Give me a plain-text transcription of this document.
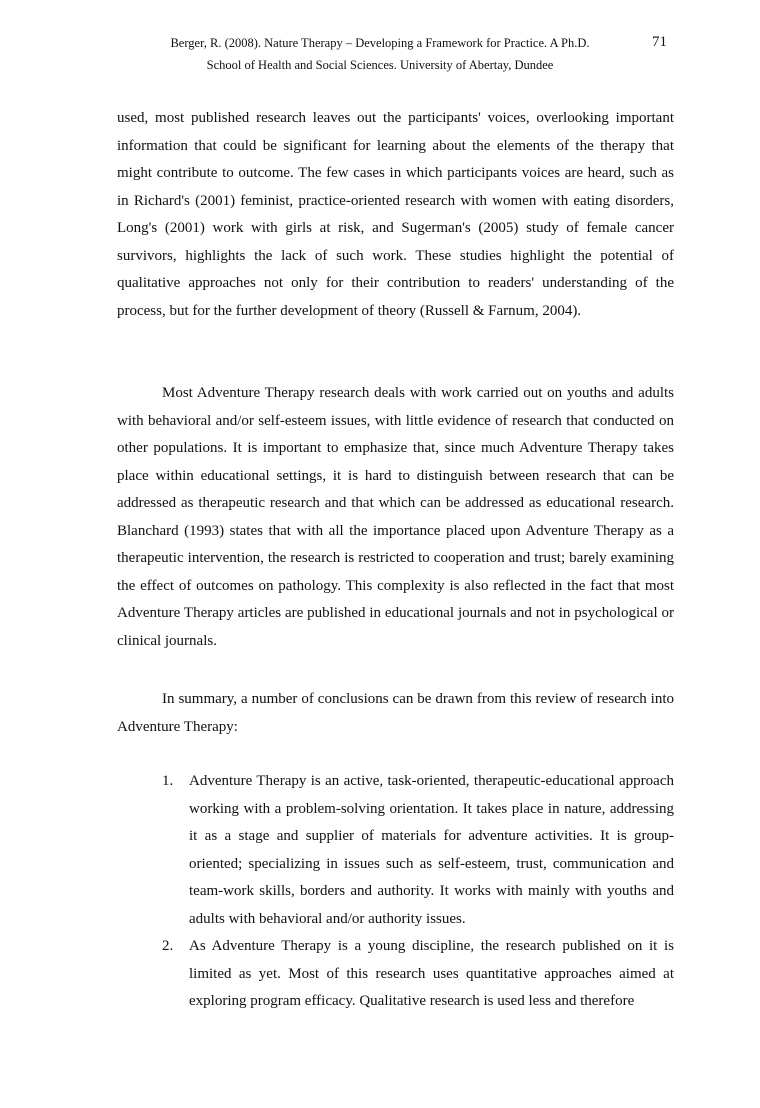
Berger, R. (2008). Nature Therapy – Developing a Framework for Practice. A Ph.D.
School of Health and Social Sciences. University of Abertay, Dundee
71

used, most published research leaves out the participants' voices, overlooking important information that could be significant for learning about the elements of the therapy that might contribute to outcome. The few cases in which participants voices are heard, such as in Richard's (2001) feminist, practice-oriented research with women with eating disorders, Long's (2001) work with girls at risk, and Sugerman's (2005) study of female cancer survivors, highlights the lack of such work. These studies highlight the potential of qualitative approaches not only for their contribution to readers' understanding of the process, but for the further development of theory (Russell & Farnum, 2004).

Most Adventure Therapy research deals with work carried out on youths and adults with behavioral and/or self-esteem issues, with little evidence of research that conducted on other populations. It is important to emphasize that, since much Adventure Therapy takes place within educational settings, it is hard to distinguish between research that can be addressed as therapeutic research and that which can be addressed as educational research. Blanchard (1993) states that with all the importance placed upon Adventure Therapy as a therapeutic intervention, the research is restricted to cooperation and trust; barely examining the effect of outcomes on pathology. This complexity is also reflected in the fact that most Adventure Therapy articles are published in educational journals and not in psychological or clinical journals.

In summary, a number of conclusions can be drawn from this review of research into Adventure Therapy:

1.	Adventure Therapy is an active, task-oriented, therapeutic-educational approach working with a problem-solving orientation. It takes place in nature, addressing it as a stage and supplier of materials for adventure activities. It is group-oriented; specializing in issues such as self-esteem, trust, communication and team-work skills, borders and authority. It works with mainly with youths and adults with behavioral and/or authority issues.
2.	As Adventure Therapy is a young discipline, the research published on it is limited as yet. Most of this research uses quantitative approaches aimed at exploring program efficacy. Qualitative research is used less and therefore
